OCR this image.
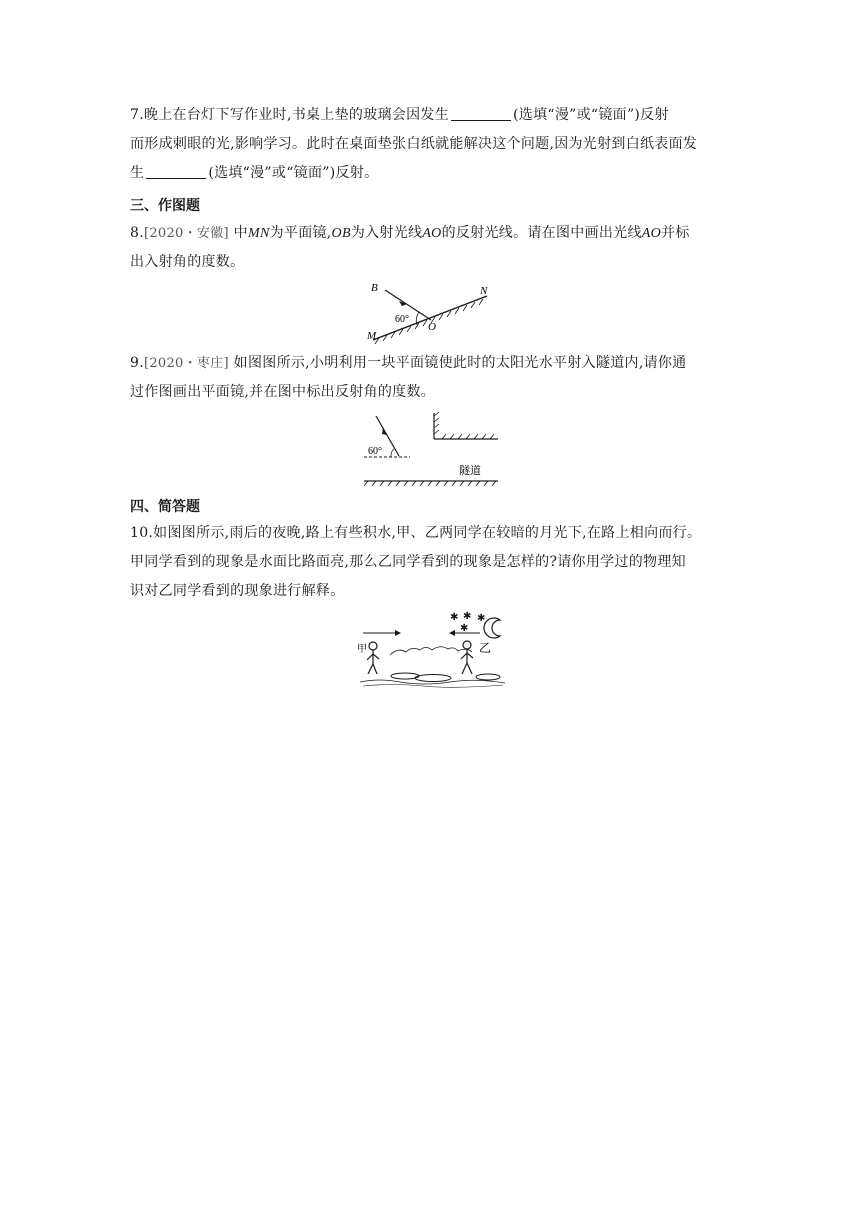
7.晚上在台灯下写作业时,书桌上垫的玻璃会因发生	(选填“漫”或“镜面”)反射
而形成刺眼的光,影响学习。此时在桌面垫张白纸就能解决这个问题,因为光射到白纸表面发
生	(选填“漫”或“镜面”)反射。
三、作图题
8.[2020・安徽] 中MN为平面镜,OB为入射光线AO的反射光线。请在图中画出光线AO并标
出入射角的度数。
B	N
M
O
60°
9.[2020・枣庄] 如图图所示,小明利用一块平面镜使此时的太阳光水平射入隧道内,请你通
过作图画出平面镜,并在图中标出反射角的度数。
60°
隧道
四、简答题
10.如图图所示,雨后的夜晚,路上有些积水,甲、乙两同学在较暗的月光下,在路上相向而行。
甲同学看到的现象是水面比路面亮,那么乙同学看到的现象是怎样的?请你用学过的物理知
识对乙同学看到的现象进行解释。
✱ ✱ ✱
✱
甲	乙
